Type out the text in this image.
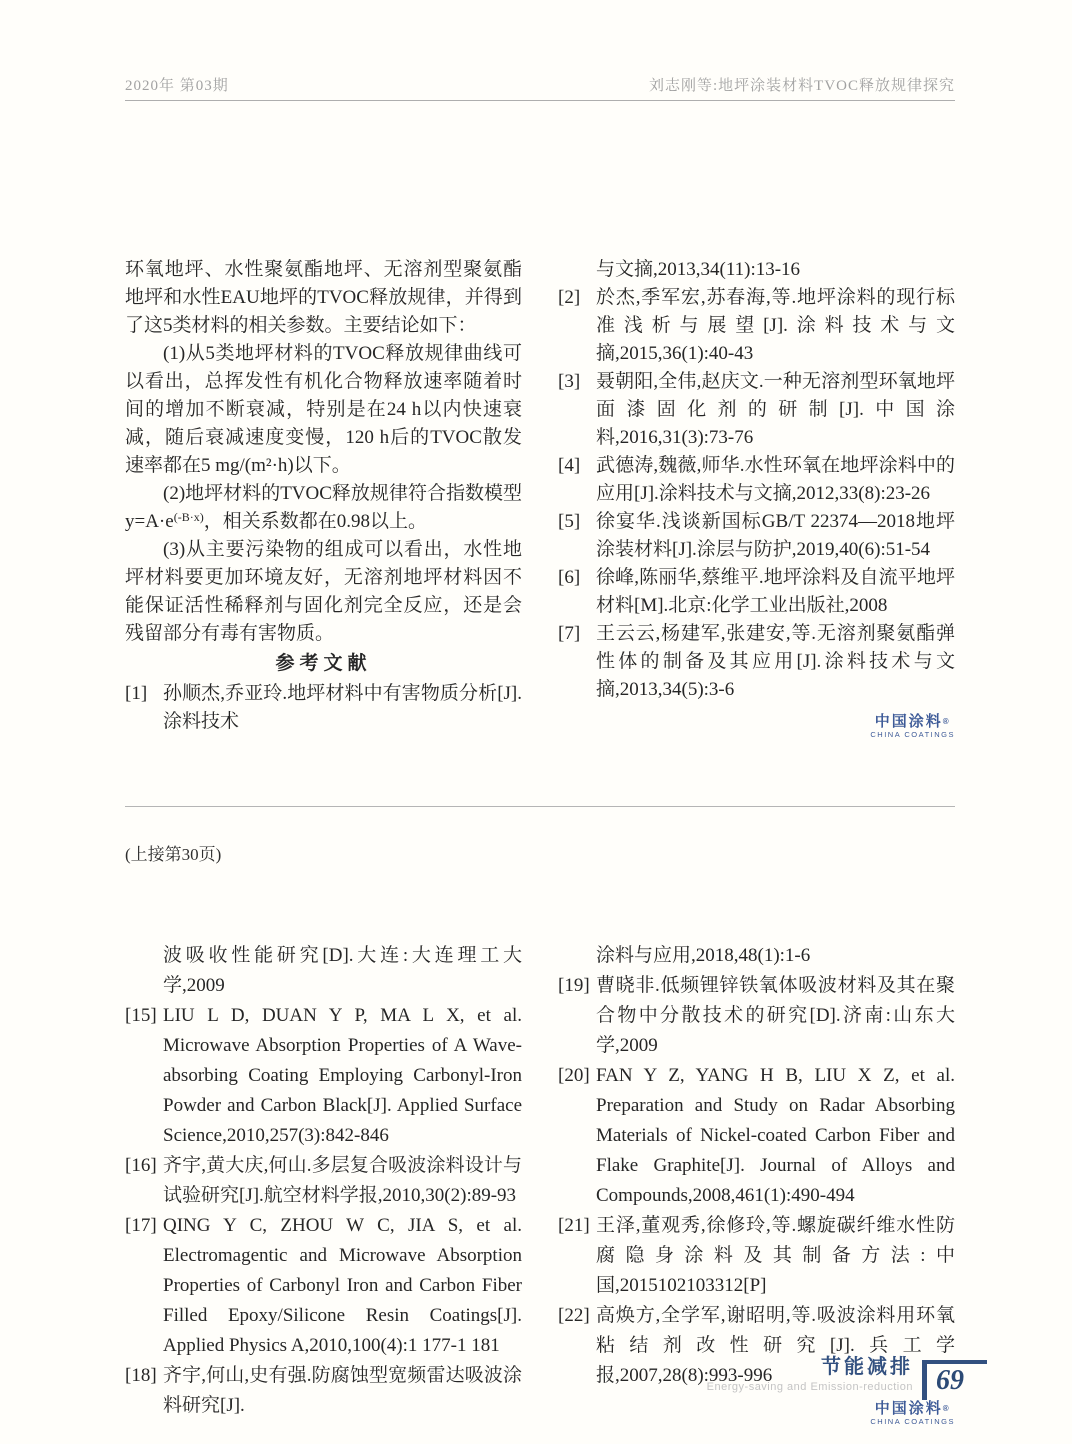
2020年 第03期	刘志刚等:地坪涂装材料TVOC释放规律探究

环氧地坪、水性聚氨酯地坪、无溶剂型聚氨酯地坪和水性EAU地坪的TVOC释放规律，并得到了这5类材料的相关参数。主要结论如下：

(1)从5类地坪材料的TVOC释放规律曲线可以看出，总挥发性有机化合物释放速率随着时间的增加不断衰减，特别是在24 h以内快速衰减，随后衰减速度变慢，120 h后的TVOC散发速率都在5 mg/(m²·h)以下。

(2)地坪材料的TVOC释放规律符合指数模型$y=A\cdot e^{(-B\cdot x)}$，相关系数都在0.98以上。

(3)从主要污染物的组成可以看出，水性地坪材料要更加环境友好，无溶剂地坪材料因不能保证活性稀释剂与固化剂完全反应，还是会残留部分有毒有害物质。

参考文献
[1] 孙顺杰,乔亚玲.地坪材料中有害物质分析[J].涂料技术
与文摘,2013,34(11):13-16
[2] 於杰,季军宏,苏春海,等.地坪涂料的现行标准浅析与展望[J].涂料技术与文摘,2015,36(1):40-43
[3] 聂朝阳,全伟,赵庆文.一种无溶剂型环氧地坪面漆固化剂的研制[J].中国涂料,2016,31(3):73-76
[4] 武德涛,魏薇,师华.水性环氧在地坪涂料中的应用[J].涂料技术与文摘,2012,33(8):23-26
[5] 徐宴华.浅谈新国标GB/T 22374—2018地坪涂装材料[J].涂层与防护,2019,40(6):51-54
[6] 徐峰,陈丽华,蔡维平.地坪涂料及自流平地坪材料[M].北京:化学工业出版社,2008
[7] 王云云,杨建军,张建安,等.无溶剂聚氨酯弹性体的制备及其应用[J].涂料技术与文摘,2013,34(5):3-6
中国涂料®
CHINA COATINGS
(上接第30页)
波吸收性能研究[D].大连:大连理工大学,2009
[15] LIU L D, DUAN Y P, MA L X, et al. Microwave Absorption Properties of A Wave-absorbing Coating Employing Carbonyl-Iron Powder and Carbon Black[J]. Applied Surface Science,2010,257(3):842-846
[16] 齐宇,黄大庆,何山.多层复合吸波涂料设计与试验研究[J].航空材料学报,2010,30(2):89-93
[17] QING Y C, ZHOU W C, JIA S, et al. Electromagentic and Microwave Absorption Properties of Carbonyl Iron and Carbon Fiber Filled Epoxy/Silicone Resin Coatings[J]. Applied Physics A,2010,100(4):1 177-1 181
[18] 齐宇,何山,史有强.防腐蚀型宽频雷达吸波涂料研究[J].
涂料与应用,2018,48(1):1-6
[19] 曹晓非.低频锂锌铁氧体吸波材料及其在聚合物中分散技术的研究[D].济南:山东大学,2009
[20] FAN Y Z, YANG H B, LIU X Z, et al. Preparation and Study on Radar Absorbing Materials of Nickel-coated Carbon Fiber and Flake Graphite[J]. Journal of Alloys and Compounds,2008,461(1):490-494
[21] 王泽,董观秀,徐修玲,等.螺旋碳纤维水性防腐隐身涂料及其制备方法:中国,2015102103312[P]
[22] 高焕方,全学军,谢昭明,等.吸波涂料用环氧粘结剂改性研究[J].兵工学报,2007,28(8):993-996
中国涂料®
CHINA COATINGS
节能减排
Energy-saving and Emission-reduction 69
